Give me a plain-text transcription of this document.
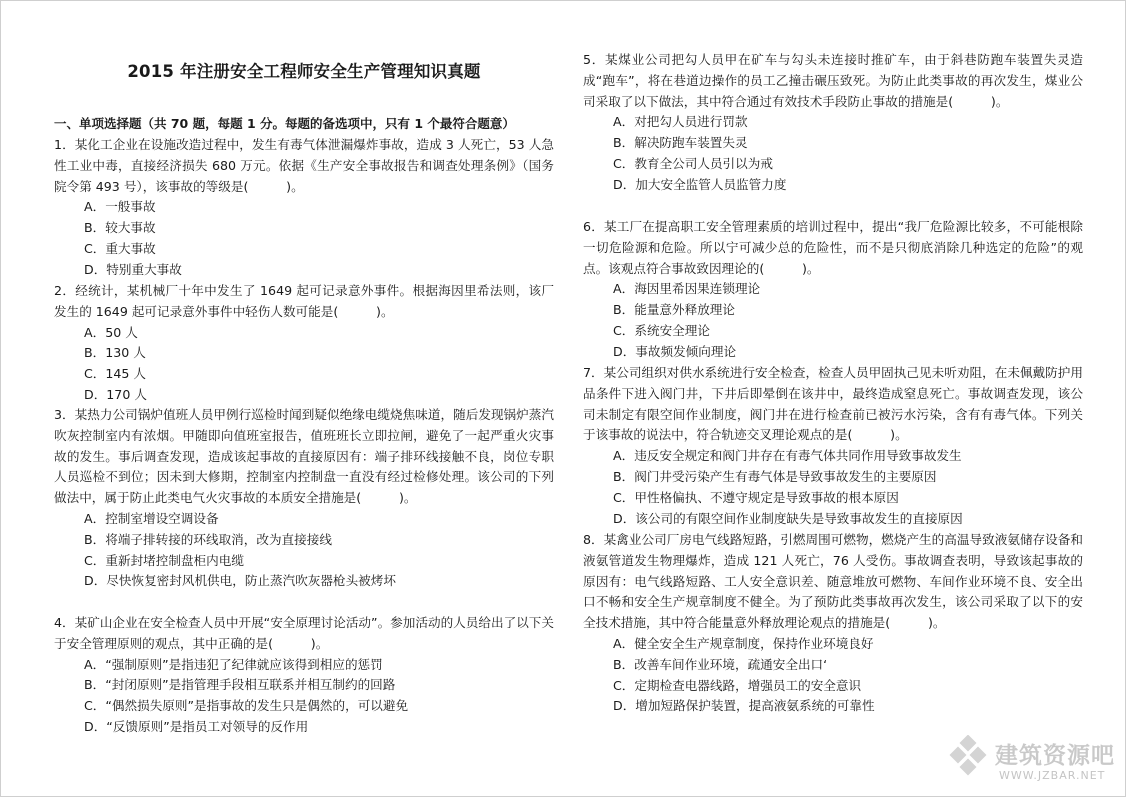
2015 年注册安全工程师安全生产管理知识真题
一、单项选择题（共 70 题，每题 1 分。每题的备选项中，只有 1 个最符合题意）

1．某化工企业在设施改造过程中，发生有毒气体泄漏爆炸事故，造成 3 人死亡，53 人急性工业中毒，直接经济损失 680 万元。依据《生产安全事故报告和调查处理条例》（国务院令第 493 号），该事故的等级是(　　　)。

A．一般事故
B．较大事故
C．重大事故
D．特别重大事故

2．经统计，某机械厂十年中发生了 1649 起可记录意外事件。根据海因里希法则，该厂发生的 1649 起可记录意外事件中轻伤人数可能是(　　　)。

A．50 人
B．130 人
C．145 人
D．170 人

3．某热力公司锅炉值班人员甲例行巡检时闻到疑似绝缘电缆烧焦味道，随后发现锅炉蒸汽吹灰控制室内有浓烟。甲随即向值班室报告，值班班长立即拉闸，避免了一起严重火灾事故的发生。事后调查发现，造成该起事故的直接原因有：端子排环线接触不良，岗位专职人员巡检不到位；因未到大修期，控制室内控制盘一直没有经过检修处理。该公司的下列做法中，属于防止此类电气火灾事故的本质安全措施是(　　　)。

A．控制室增设空调设备
B．将端子排转接的环线取消，改为直接接线
C．重新封堵控制盘柜内电缆
D．尽快恢复密封风机供电，防止蒸汽吹灰器枪头被烤坏

4．某矿山企业在安全检查人员中开展“安全原理讨论活动”。参加活动的人员给出了以下关于安全管理原则的观点，其中正确的是(　　　)。

A．“强制原则”是指违犯了纪律就应该得到相应的惩罚
B．“封闭原则”是指管理手段相互联系并相互制约的回路
C．“偶然损失原则”是指事故的发生只是偶然的，可以避免
D．“反馈原则”是指员工对领导的反作用

5．某煤业公司把勾人员甲在矿车与勾头未连接时推矿车，由于斜巷防跑车装置失灵造成“跑车”，将在巷道边操作的员工乙撞击碾压致死。为防止此类事故的再次发生，煤业公司采取了以下做法，其中符合通过有效技术手段防止事故的措施是(　　　)。

A．对把勾人员进行罚款
B．解决防跑车装置失灵
C．教育全公司人员引以为戒
D．加大安全监管人员监管力度

6．某工厂在提高职工安全管理素质的培训过程中，提出“我厂危险源比较多，不可能根除一切危险源和危险。所以宁可减少总的危险性，而不是只彻底消除几种选定的危险”的观点。该观点符合事故致因理论的(　　　)。

A．海因里希因果连锁理论
B．能量意外释放理论
C．系统安全理论
D．事故频发倾向理论

7．某公司组织对供水系统进行安全检查，检查人员甲固执己见未听劝阻，在未佩戴防护用品条件下进入阀门井，下井后即晕倒在该井中，最终造成窒息死亡。事故调查发现，该公司未制定有限空间作业制度，阀门井在进行检查前已被污水污染，含有有毒气体。下列关于该事故的说法中，符合轨迹交叉理论观点的是(　　　)。

A．违反安全规定和阀门井存在有毒气体共同作用导致事故发生
B．阀门井受污染产生有毒气体是导致事故发生的主要原因
C．甲性格偏执、不遵守规定是导致事故的根本原因
D．该公司的有限空间作业制度缺失是导致事故发生的直接原因

8．某禽业公司厂房电气线路短路，引燃周围可燃物，燃烧产生的高温导致液氨储存设备和液氨管道发生物理爆炸，造成 121 人死亡，76 人受伤。事故调查表明，导致该起事故的原因有：电气线路短路、工人安全意识差、随意堆放可燃物、车间作业环境不良、安全出口不畅和安全生产规章制度不健全。为了预防此类事故再次发生，该公司采取了以下的安全技术措施，其中符合能量意外释放理论观点的措施是(　　　)。

A．健全安全生产规章制度，保持作业环境良好
B．改善车间作业环境，疏通安全出口‘
C．定期检查电器线路，增强员工的安全意识
D．增加短路保护装置，提高液氨系统的可靠性
建筑资源吧
WWW.JZBAR.NET
